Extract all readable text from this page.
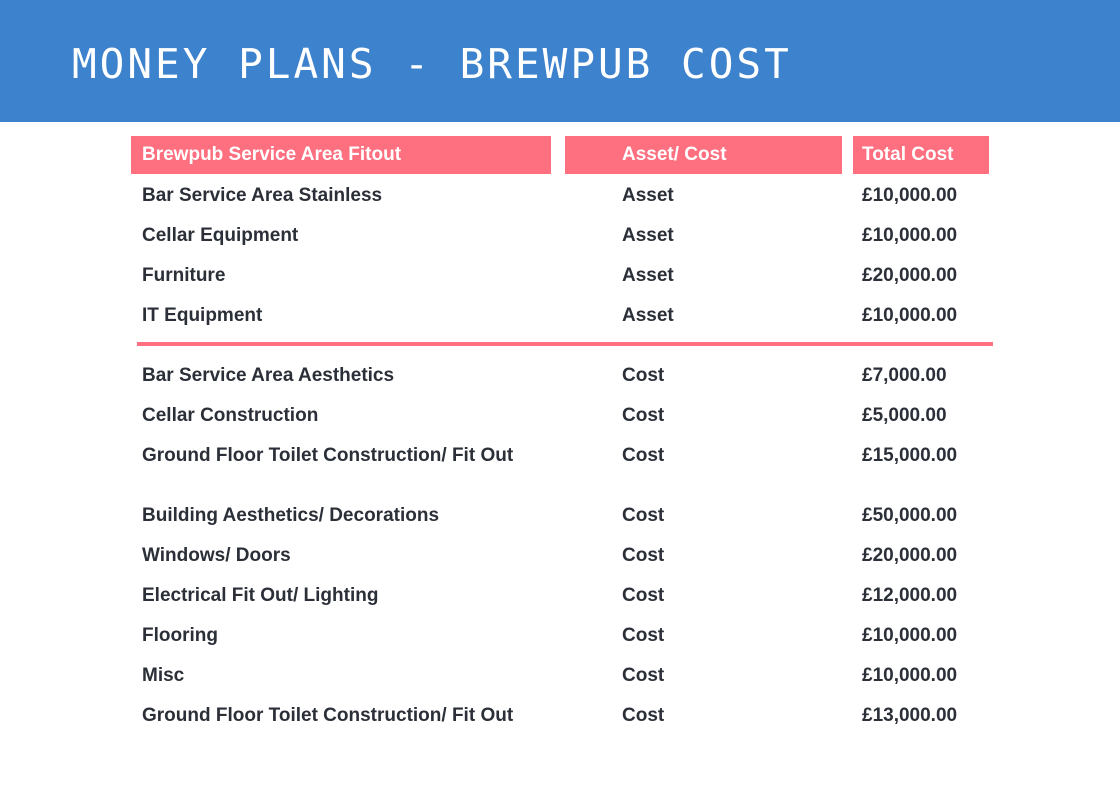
MONEY PLANS - BREWPUB COST
Brewpub Service Area Fitout	Asset/ Cost	Total Cost
Bar Service Area Stainless	Asset	£10,000.00
Cellar Equipment	Asset	£10,000.00
Furniture	Asset	£20,000.00
IT Equipment	Asset	£10,000.00
Bar Service Area Aesthetics	Cost	£7,000.00
Cellar Construction	Cost	£5,000.00
Ground Floor Toilet Construction/ Fit Out	Cost	£15,000.00
Building Aesthetics/ Decorations	Cost	£50,000.00
Windows/ Doors	Cost	£20,000.00
Electrical Fit Out/ Lighting	Cost	£12,000.00
Flooring	Cost	£10,000.00
Misc	Cost	£10,000.00
Ground Floor Toilet Construction/ Fit Out	Cost	£13,000.00
